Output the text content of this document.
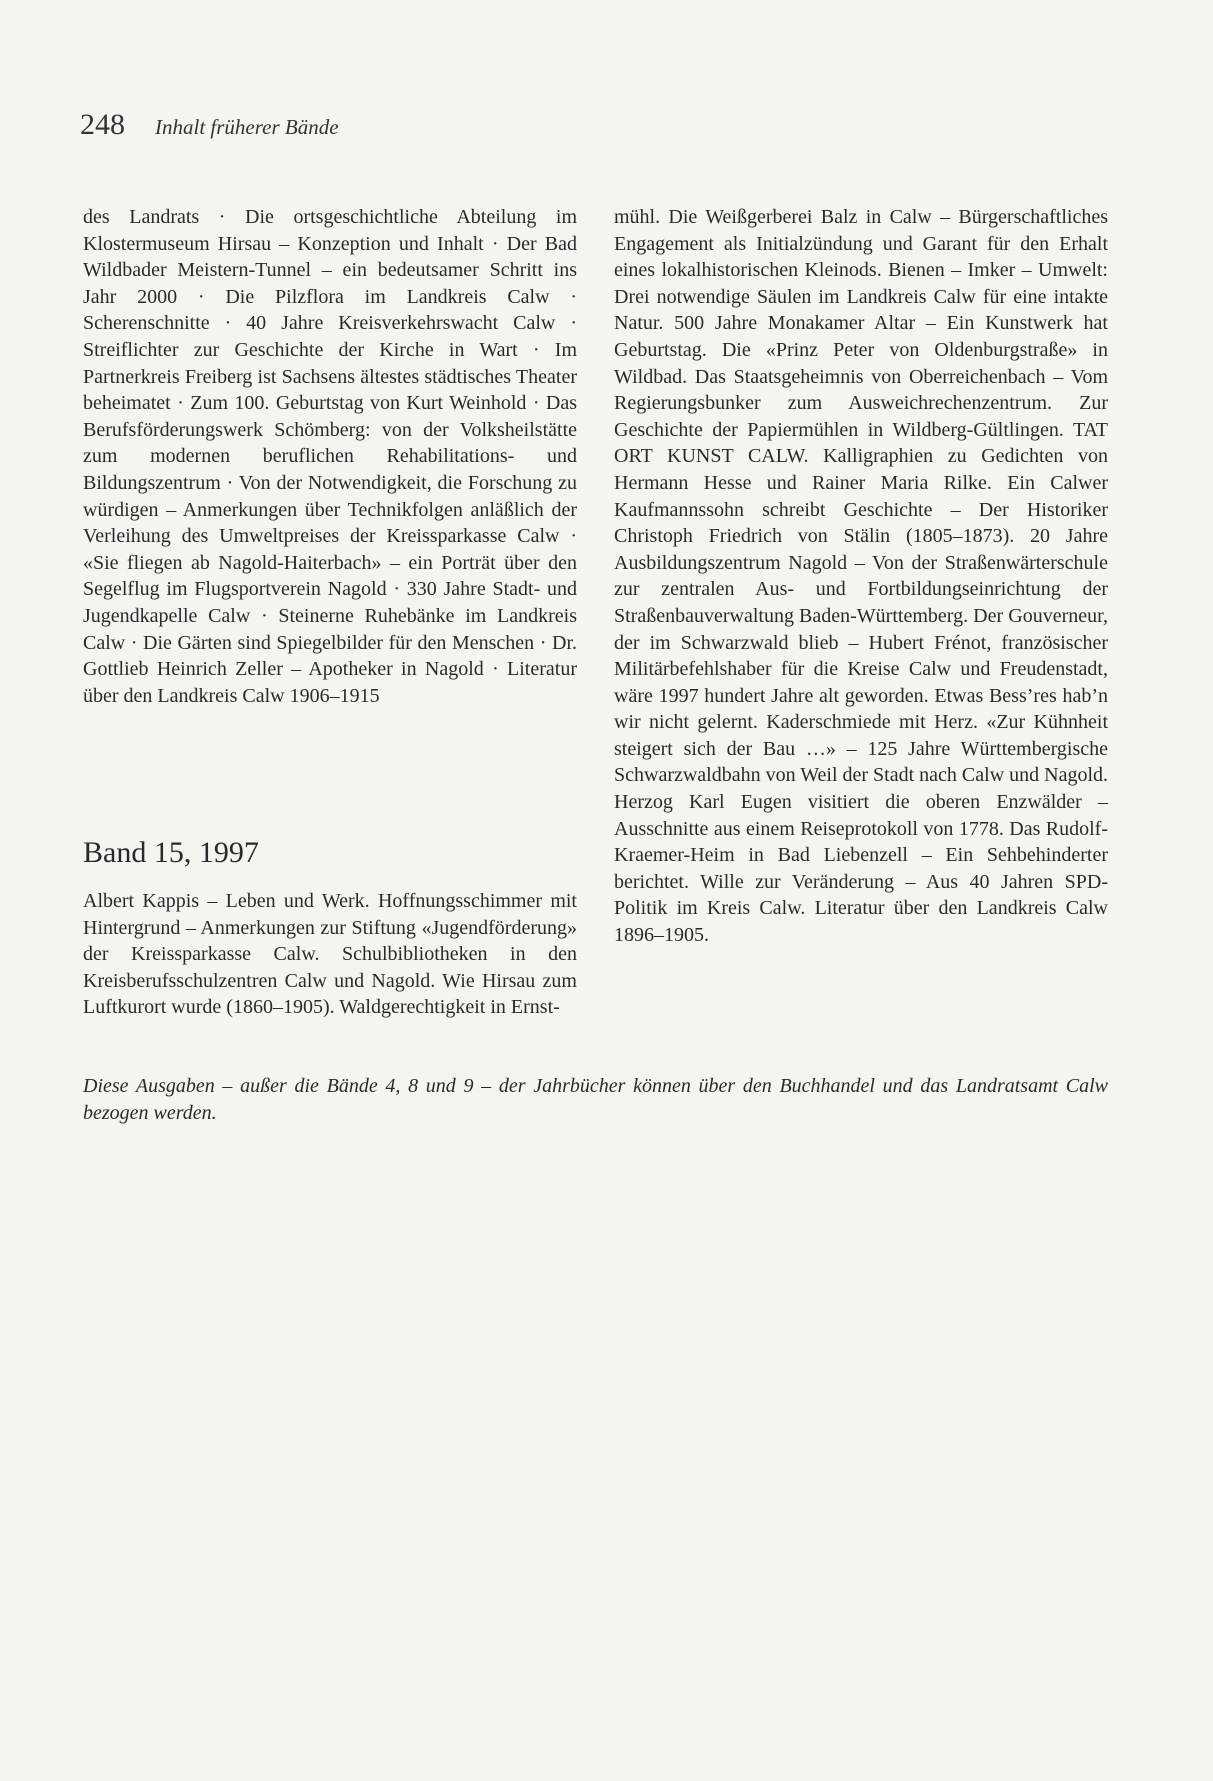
248 Inhalt früherer Bände

des Landrats · Die ortsgeschichtliche Abteilung im Klostermuseum Hirsau – Konzeption und Inhalt · Der Bad Wildbader Meistern-Tunnel – ein bedeutsamer Schritt ins Jahr 2000 · Die Pilzflora im Landkreis Calw · Scherenschnitte · 40 Jahre Kreisverkehrswacht Calw · Streiflichter zur Geschichte der Kirche in Wart · Im Partnerkreis Freiberg ist Sachsens ältestes städtisches Theater beheimatet · Zum 100. Geburtstag von Kurt Weinhold · Das Berufsförderungswerk Schömberg: von der Volksheilstätte zum modernen beruflichen Rehabilitations- und Bildungszentrum · Von der Notwendigkeit, die Forschung zu würdigen – Anmerkungen über Technikfolgen anläßlich der Verleihung des Umweltpreises der Kreissparkasse Calw · «Sie fliegen ab Nagold-Haiterbach» – ein Porträt über den Segelflug im Flugsportverein Nagold · 330 Jahre Stadt- und Jugendkapelle Calw · Steinerne Ruhebänke im Landkreis Calw · Die Gärten sind Spiegelbilder für den Menschen · Dr. Gottlieb Heinrich Zeller – Apotheker in Nagold · Literatur über den Landkreis Calw 1906–1915

Band 15, 1997

Albert Kappis – Leben und Werk. Hoffnungsschimmer mit Hintergrund – Anmerkungen zur Stiftung «Jugendförderung» der Kreissparkasse Calw. Schulbibliotheken in den Kreisberufsschulzentren Calw und Nagold. Wie Hirsau zum Luftkurort wurde (1860–1905). Waldgerechtigkeit in Ernst-

mühl. Die Weißgerberei Balz in Calw – Bürgerschaftliches Engagement als Initialzündung und Garant für den Erhalt eines lokalhistorischen Kleinods. Bienen – Imker – Umwelt: Drei notwendige Säulen im Landkreis Calw für eine intakte Natur. 500 Jahre Monakamer Altar – Ein Kunstwerk hat Geburtstag. Die «Prinz Peter von Oldenburgstraße» in Wildbad. Das Staatsgeheimnis von Oberreichenbach – Vom Regierungsbunker zum Ausweichrechenzentrum. Zur Geschichte der Papiermühlen in Wildberg-Gültlingen. TAT ORT KUNST CALW. Kalligraphien zu Gedichten von Hermann Hesse und Rainer Maria Rilke. Ein Calwer Kaufmannssohn schreibt Geschichte – Der Historiker Christoph Friedrich von Stälin (1805–1873). 20 Jahre Ausbildungszentrum Nagold – Von der Straßenwärterschule zur zentralen Aus- und Fortbildungseinrichtung der Straßenbauverwaltung Baden-Württemberg. Der Gouverneur, der im Schwarzwald blieb – Hubert Frénot, französischer Militärbefehlshaber für die Kreise Calw und Freudenstadt, wäre 1997 hundert Jahre alt geworden. Etwas Bess’res hab’n wir nicht gelernt. Kaderschmiede mit Herz. «Zur Kühnheit steigert sich der Bau …» – 125 Jahre Württembergische Schwarzwaldbahn von Weil der Stadt nach Calw und Nagold. Herzog Karl Eugen visitiert die oberen Enzwälder – Ausschnitte aus einem Reiseprotokoll von 1778. Das Rudolf-Kraemer-Heim in Bad Liebenzell – Ein Sehbehinderter berichtet. Wille zur Veränderung – Aus 40 Jahren SPD-Politik im Kreis Calw. Literatur über den Landkreis Calw 1896–1905.

Diese Ausgaben – außer die Bände 4, 8 und 9 – der Jahrbücher können über den Buchhandel und das Landratsamt Calw bezogen werden.
